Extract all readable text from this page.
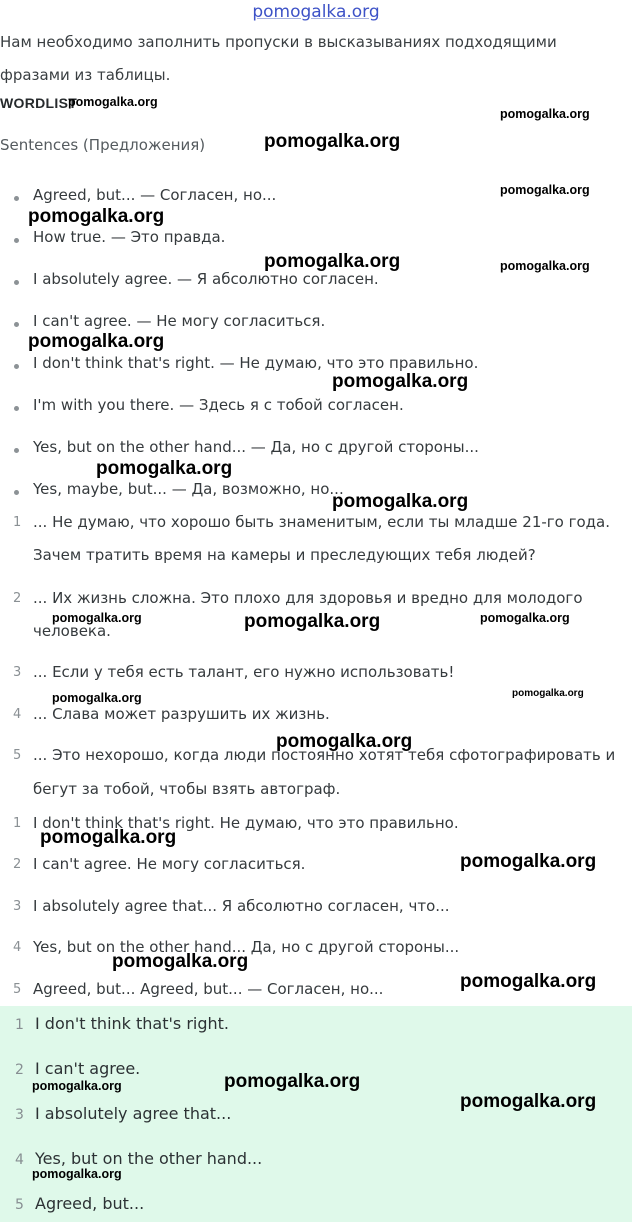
pomogalka.org
Нам необходимо заполнить пропуски в высказываниях подходящими
фразами из таблицы.
WORDLIST
Sentences (Предложения)
Agreed, but... — Согласен, но...
How true. — Это правда.
I absolutely agree. — Я абсолютно согласен.
I can't agree. — Не могу согласиться.
I don't think that's right. — Не думаю, что это правильно.
I'm with you there. — Здесь я с тобой согласен.
Yes, but on the other hand... — Да, но с другой стороны...
Yes, maybe, but... — Да, возможно, но...
1 ... Не думаю, что хорошо быть знаменитым, если ты младше 21-го года.
Зачем тратить время на камеры и преследующих тебя людей?
2 ... Их жизнь сложна. Это плохо для здоровья и вредно для молодого
человека.
3 ... Если у тебя есть талант, его нужно использовать!
4 ... Слава может разрушить их жизнь.
5 ... Это нехорошо, когда люди постоянно хотят тебя сфотографировать и
бегут за тобой, чтобы взять автограф.
1 I don't think that's right. Не думаю, что это правильно.
2 I can't agree. Не могу согласиться.
3 I absolutely agree that... Я абсолютно согласен, что...
4 Yes, but on the other hand... Да, но с другой стороны...
5 Agreed, but... Agreed, but... — Согласен, но...
1 I don't think that's right.
2 I can't agree.
3 I absolutely agree that...
4 Yes, but on the other hand...
5 Agreed, but...
pomogalka.org
pomogalka.org
pomogalka.org
pomogalka.org
pomogalka.org
pomogalka.org	pomogalka.org
pomogalka.org
pomogalka.org
pomogalka.org
pomogalka.org
pomogalka.org	pomogalka.org	pomogalka.org
pomogalka.org	pomogalka.org
pomogalka.org
pomogalka.org
pomogalka.org
pomogalka.org
pomogalka.org
pomogalka.org	pomogalka.org
pomogalka.org
pomogalka.org
